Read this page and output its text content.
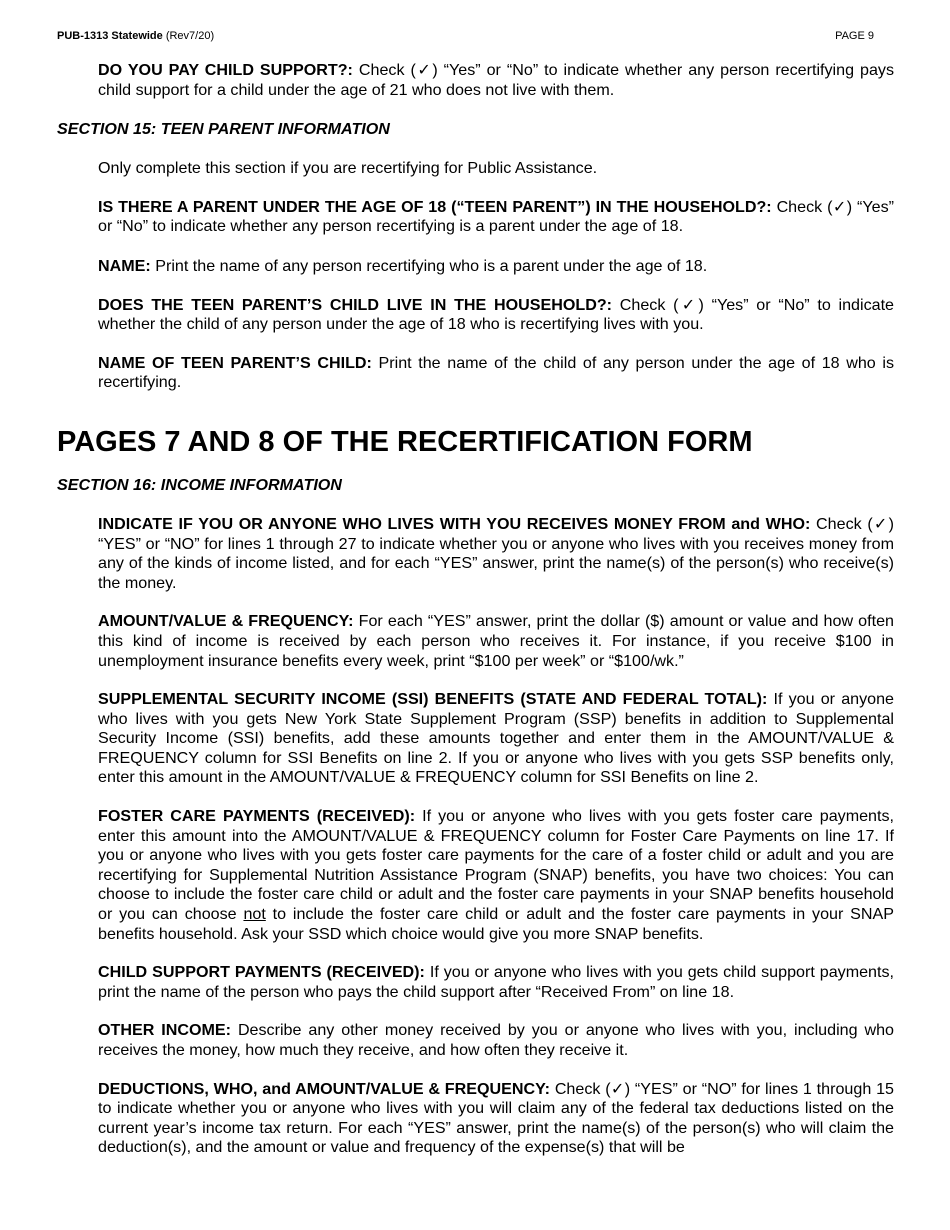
PUB-1313 Statewide (Rev7/20)	PAGE 9

DO YOU PAY CHILD SUPPORT?: Check (✓) “Yes” or “No” to indicate whether any person recertifying pays child support for a child under the age of 21 who does not live with them.

SECTION 15: TEEN PARENT INFORMATION

Only complete this section if you are recertifying for Public Assistance.

IS THERE A PARENT UNDER THE AGE OF 18 (“TEEN PARENT”) IN THE HOUSEHOLD?: Check (✓) “Yes” or “No” to indicate whether any person recertifying is a parent under the age of 18.

NAME: Print the name of any person recertifying who is a parent under the age of 18.

DOES THE TEEN PARENT’S CHILD LIVE IN THE HOUSEHOLD?: Check (✓) “Yes” or “No” to indicate whether the child of any person under the age of 18 who is recertifying lives with you.

NAME OF TEEN PARENT’S CHILD: Print the name of the child of any person under the age of 18 who is recertifying.

PAGES 7 AND 8 OF THE RECERTIFICATION FORM
SECTION 16: INCOME INFORMATION

INDICATE IF YOU OR ANYONE WHO LIVES WITH YOU RECEIVES MONEY FROM and WHO: Check (✓) “YES” or “NO” for lines 1 through 27 to indicate whether you or anyone who lives with you receives money from any of the kinds of income listed, and for each “YES” answer, print the name(s) of the person(s) who receive(s) the money.

AMOUNT/VALUE & FREQUENCY: For each “YES” answer, print the dollar ($) amount or value and how often this kind of income is received by each person who receives it. For instance, if you receive $100 in unemployment insurance benefits every week, print “$100 per week” or “$100/wk.”

SUPPLEMENTAL SECURITY INCOME (SSI) BENEFITS (STATE AND FEDERAL TOTAL): If you or anyone who lives with you gets New York State Supplement Program (SSP) benefits in addition to Supplemental Security Income (SSI) benefits, add these amounts together and enter them in the AMOUNT/VALUE & FREQUENCY column for SSI Benefits on line 2. If you or anyone who lives with you gets SSP benefits only, enter this amount in the AMOUNT/VALUE & FREQUENCY column for SSI Benefits on line 2.

FOSTER CARE PAYMENTS (RECEIVED): If you or anyone who lives with you gets foster care payments, enter this amount into the AMOUNT/VALUE & FREQUENCY column for Foster Care Payments on line 17. If you or anyone who lives with you gets foster care payments for the care of a foster child or adult and you are recertifying for Supplemental Nutrition Assistance Program (SNAP) benefits, you have two choices: You can choose to include the foster care child or adult and the foster care payments in your SNAP benefits household or you can choose not to include the foster care child or adult and the foster care payments in your SNAP benefits household. Ask your SSD which choice would give you more SNAP benefits.

CHILD SUPPORT PAYMENTS (RECEIVED): If you or anyone who lives with you gets child support payments, print the name of the person who pays the child support after “Received From” on line 18.

OTHER INCOME: Describe any other money received by you or anyone who lives with you, including who receives the money, how much they receive, and how often they receive it.

DEDUCTIONS, WHO, and AMOUNT/VALUE & FREQUENCY: Check (✓) “YES” or “NO” for lines 1 through 15 to indicate whether you or anyone who lives with you will claim any of the federal tax deductions listed on the current year’s income tax return. For each “YES” answer, print the name(s) of the person(s) who will claim the deduction(s), and the amount or value and frequency of the expense(s) that will be
